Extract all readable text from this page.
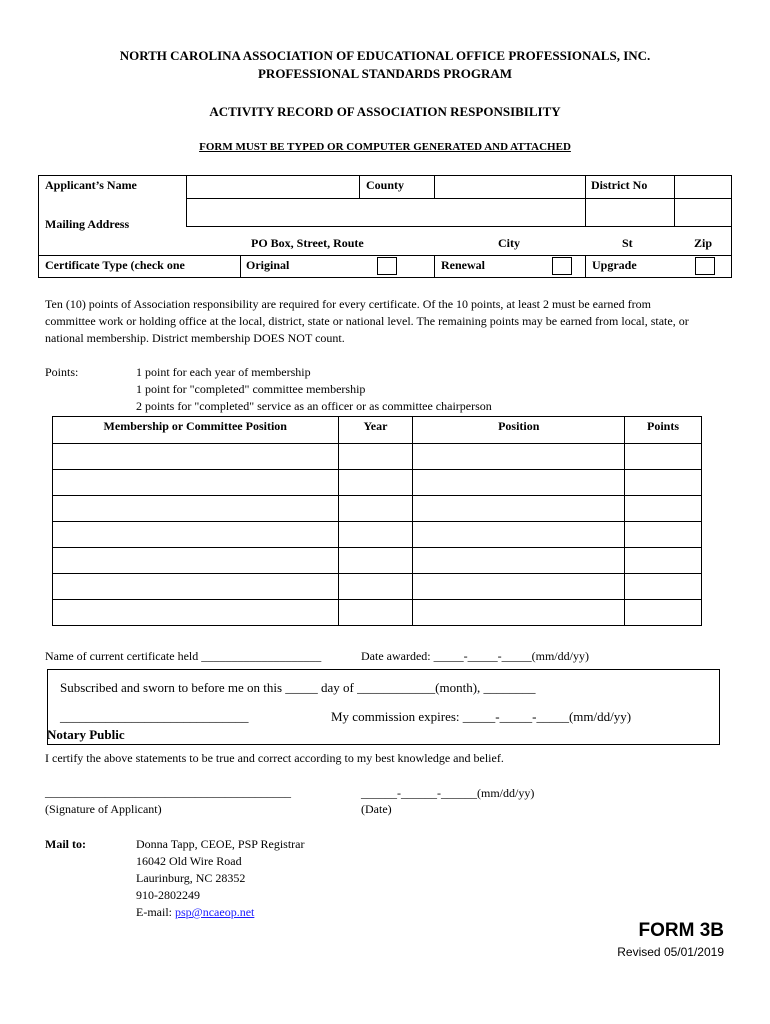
NORTH CAROLINA ASSOCIATION OF EDUCATIONAL OFFICE PROFESSIONALS, INC.
PROFESSIONAL STANDARDS PROGRAM
ACTIVITY RECORD OF ASSOCIATION RESPONSIBILITY
FORM MUST BE TYPED OR COMPUTER GENERATED AND ATTACHED
Applicant’s Name	County	District No
Mailing Address
PO Box, Street, Route	City	St	Zip
Certificate Type (check one	Original	Renewal	Upgrade
Ten (10) points of Association responsibility are required for every certificate. Of the 10 points, at least 2 must be earned from
committee work or holding office at the local, district, state or national level. The remaining points may be earned from local, state, or
national membership. District membership DOES NOT count.
Points:	1 point for each year of membership
1 point for "completed" committee membership
2 points for "completed" service as an officer or as committee chairperson
Membership or Committee Position	Year	Position	Points

Name of current certificate held ____________________	Date awarded: _____-_____-_____(mm/dd/yy)
Subscribed and sworn to before me on this _____ day of ____________(month), ________
_____________________________	My commission expires: _____-_____-_____(mm/dd/yy)
Notary Public
I certify the above statements to be true and correct according to my best knowledge and belief.
_________________________________________
(Signature of Applicant)
______-______-______(mm/dd/yy)
(Date)
Mail to:	Donna Tapp, CEOE, PSP Registrar
16042 Old Wire Road
Laurinburg, NC 28352
910-2802249
E-mail: psp@ncaeop.net
FORM 3B
Revised 05/01/2019
